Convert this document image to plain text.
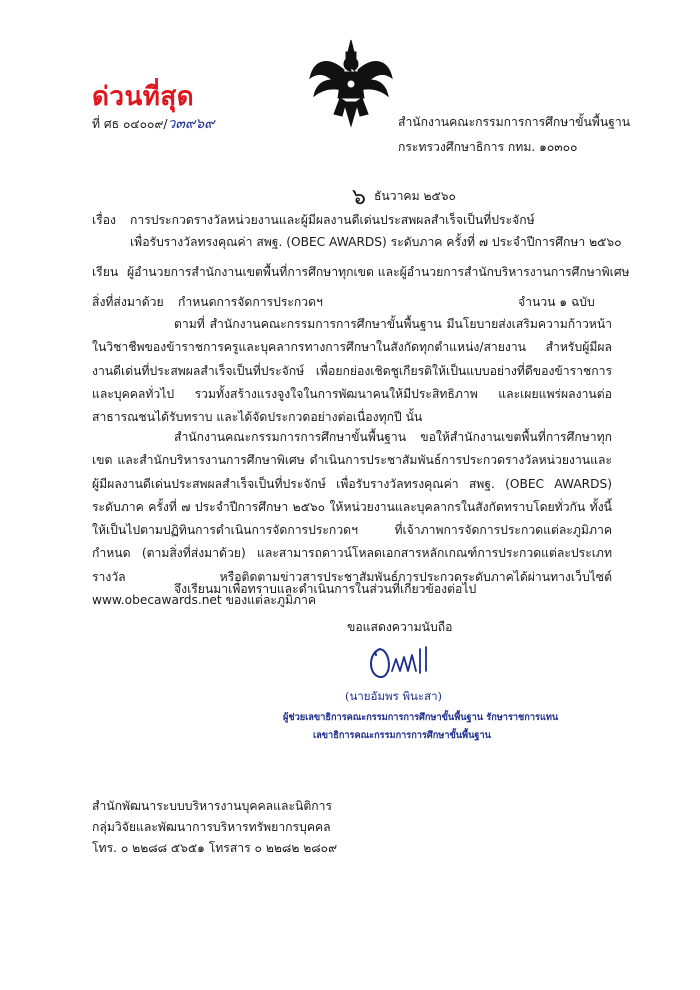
ด่วนที่สุด
ที่ ศธ ๐๔๐๐๙/ว๓๙๖๙	สำนักงานคณะกรรมการการศึกษาขั้นพื้นฐาน
กระทรวงศึกษาธิการ กทม. ๑๐๓๐๐
๖ ธันวาคม ๒๕๖๐
เรื่อง การประกวดรางวัลหน่วยงานและผู้มีผลงานดีเด่นประสพผลสำเร็จเป็นที่ประจักษ์
เพื่อรับรางวัลทรงคุณค่า สพฐ. (OBEC AWARDS) ระดับภาค ครั้งที่ ๗ ประจำปีการศึกษา ๒๕๖๐
เรียน ผู้อำนวยการสำนักงานเขตพื้นที่การศึกษาทุกเขต และผู้อำนวยการสำนักบริหารงานการศึกษาพิเศษ
สิ่งที่ส่งมาด้วย กำหนดการจัดการประกวดฯ	จำนวน ๑ ฉบับ
ตามที่ สำนักงานคณะกรรมการการศึกษาขั้นพื้นฐาน มีนโยบายส่งเสริมความก้าวหน้าในวิชาชีพของข้าราชการครูและบุคลากรทางการศึกษาในสังกัดทุกตำแหน่ง/สายงาน สำหรับผู้มีผลงานดีเด่นที่ประสพผลสำเร็จเป็นที่ประจักษ์ เพื่อยกย่องเชิดชูเกียรติให้เป็นแบบอย่างที่ดีของข้าราชการและบุคคลทั่วไป รวมทั้งสร้างแรงจูงใจในการพัฒนาคนให้มีประสิทธิภาพ และเผยแพร่ผลงานต่อสาธารณชนได้รับทราบ และได้จัดประกวดอย่างต่อเนื่องทุกปี นั้น
สำนักงานคณะกรรมการการศึกษาขั้นพื้นฐาน ขอให้สำนักงานเขตพื้นที่การศึกษาทุกเขต และสำนักบริหารงานการศึกษาพิเศษ ดำเนินการประชาสัมพันธ์การประกวดรางวัลหน่วยงานและผู้มีผลงานดีเด่นประสพผลสำเร็จเป็นที่ประจักษ์ เพื่อรับรางวัลทรงคุณค่า สพฐ. (OBEC AWARDS) ระดับภาค ครั้งที่ ๗ ประจำปีการศึกษา ๒๕๖๐ ให้หน่วยงานและบุคลากรในสังกัดทราบโดยทั่วกัน ทั้งนี้ ให้เป็นไปตามปฏิทินการดำเนินการจัดการประกวดฯ ที่เจ้าภาพการจัดการประกวดแต่ละภูมิภาคกำหนด (ตามสิ่งที่ส่งมาด้วย) และสามารถดาวน์โหลดเอกสารหลักเกณฑ์การประกวดแต่ละประเภทรางวัล หรือติดตามข่าวสารประชาสัมพันธ์การประกวดระดับภาคได้ผ่านทางเว็บไซต์ www.obecawards.net ของแต่ละภูมิภาค
จึงเรียนมาเพื่อทราบและดำเนินการในส่วนที่เกี่ยวข้องต่อไป
ขอแสดงความนับถือ
(นายอัมพร พินะสา)
ผู้ช่วยเลขาธิการคณะกรรมการการศึกษาขั้นพื้นฐาน รักษาราชการแทน
เลขาธิการคณะกรรมการการศึกษาขั้นพื้นฐาน
สำนักพัฒนาระบบบริหารงานบุคคลและนิติการ
กลุ่มวิจัยและพัฒนาการบริหารทรัพยากรบุคคล
โทร. ๐ ๒๒๘๘ ๕๖๕๑ โทรสาร ๐ ๒๒๘๒ ๒๘๐๙
